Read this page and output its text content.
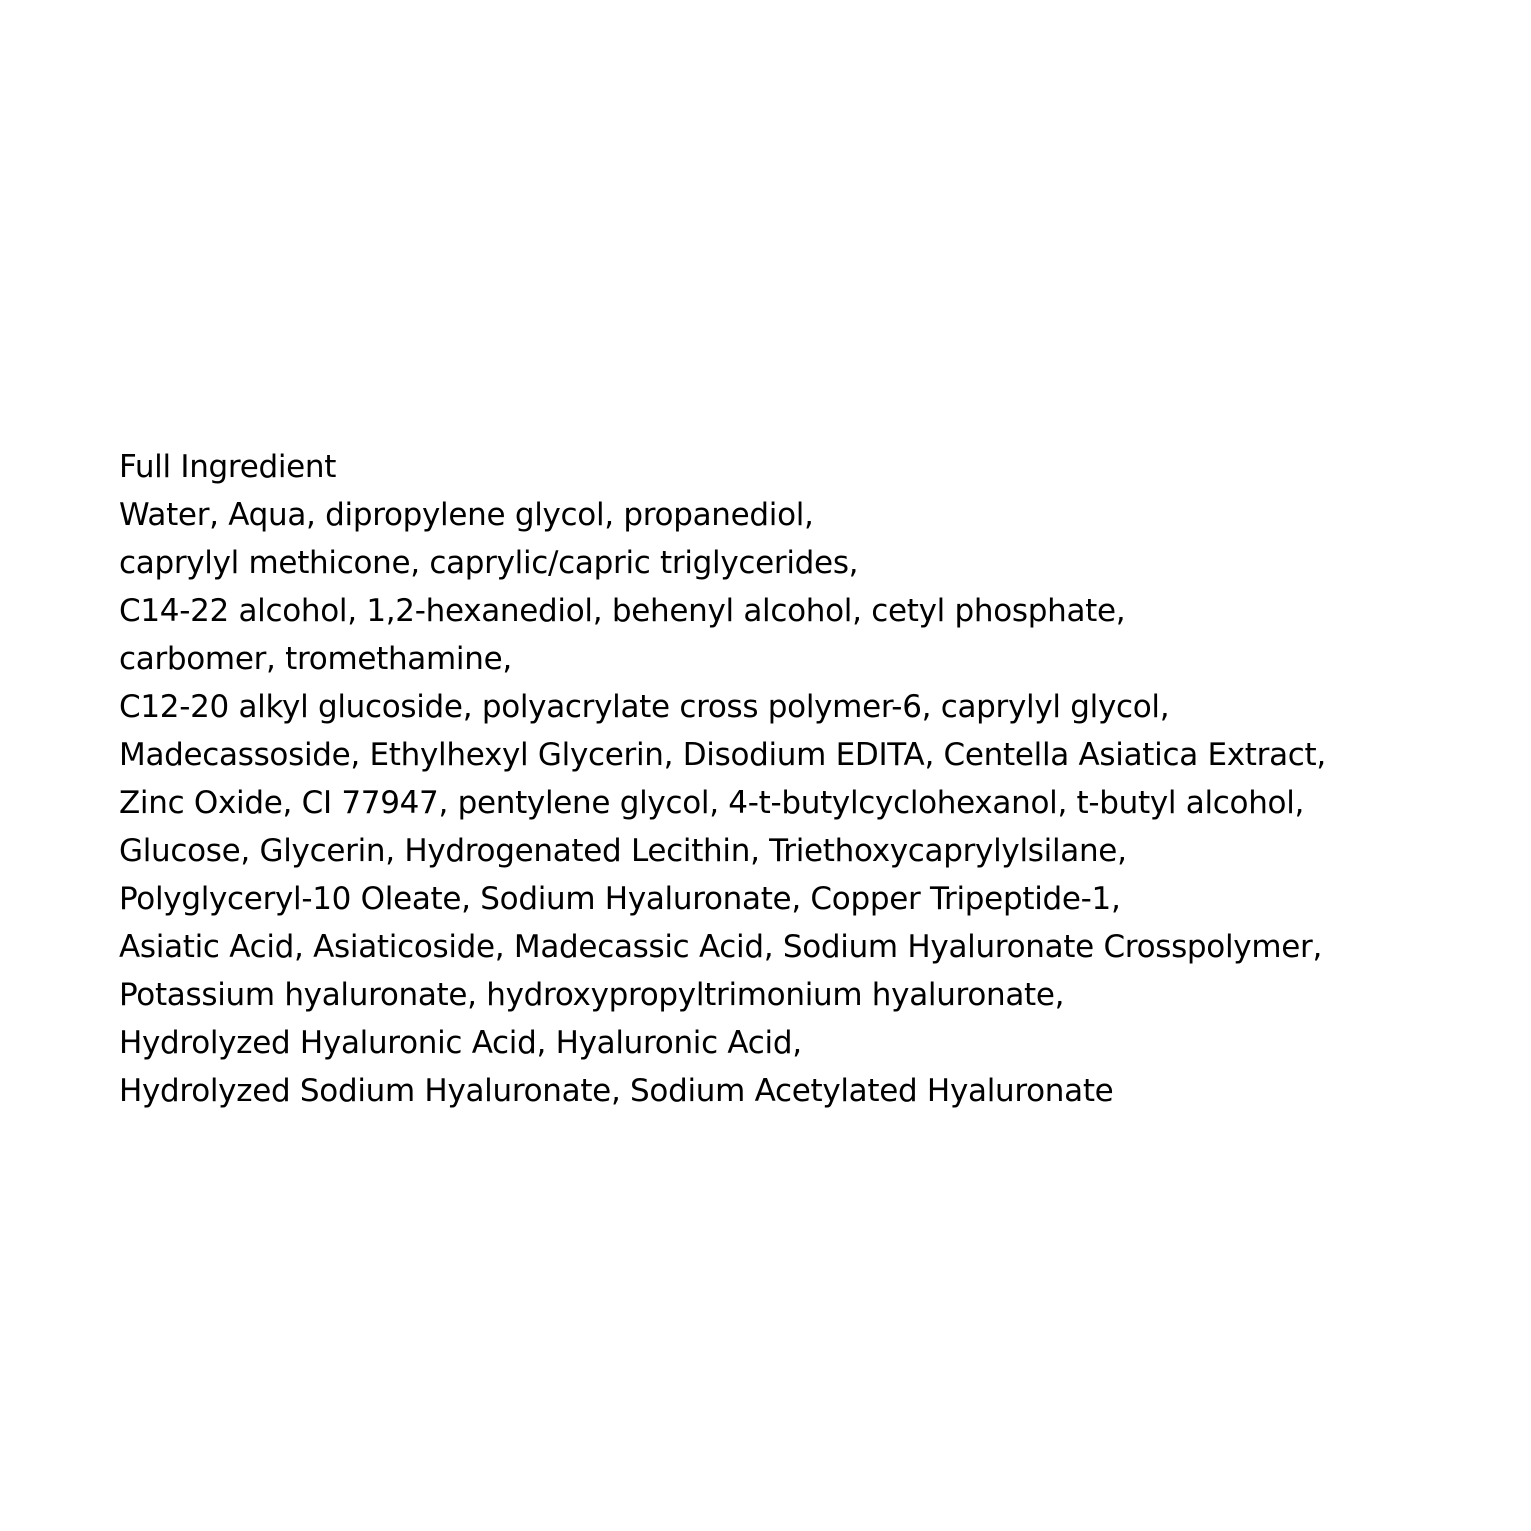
Full Ingredient
Water, Aqua, dipropylene glycol, propanediol,
caprylyl methicone, caprylic/capric triglycerides,
C14-22 alcohol, 1,2-hexanediol, behenyl alcohol, cetyl phosphate,
carbomer, tromethamine,
C12-20 alkyl glucoside, polyacrylate cross polymer-6, caprylyl glycol,
Madecassoside, Ethylhexyl Glycerin, Disodium EDITA, Centella Asiatica Extract,
Zinc Oxide, CI 77947, pentylene glycol, 4-t-butylcyclohexanol, t-butyl alcohol,
Glucose, Glycerin, Hydrogenated Lecithin, Triethoxycaprylylsilane,
Polyglyceryl-10 Oleate, Sodium Hyaluronate, Copper Tripeptide-1,
Asiatic Acid, Asiaticoside, Madecassic Acid, Sodium Hyaluronate Crosspolymer,
Potassium hyaluronate, hydroxypropyltrimonium hyaluronate,
Hydrolyzed Hyaluronic Acid, Hyaluronic Acid,
Hydrolyzed Sodium Hyaluronate, Sodium Acetylated Hyaluronate
